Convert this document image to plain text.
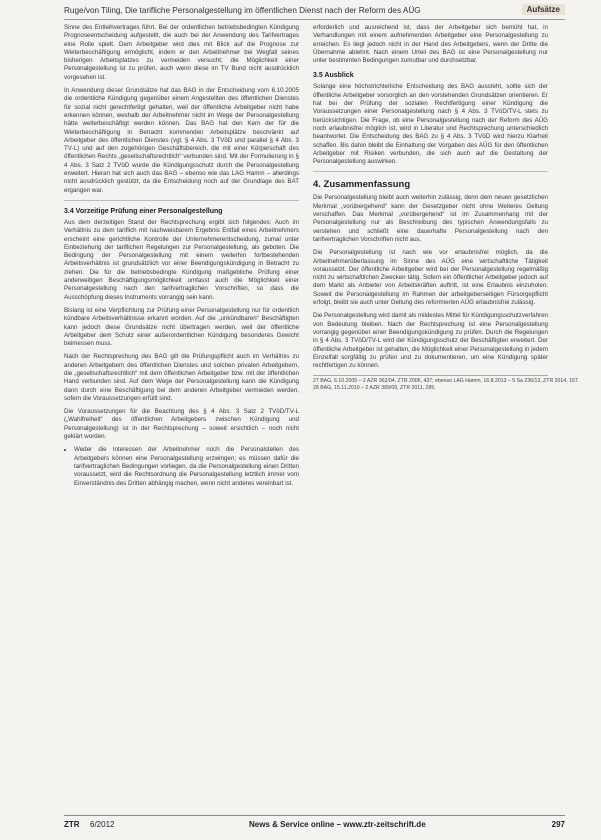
Ruge/von Tiling, Die tarifliche Personalgestellung im öffentlichen Dienst nach der Reform des AÜG	Aufsätze

Sinne des Entleihvertrages führt. Bei der ordentlichen betriebsbedingten Kündigung Prognoseentscheidung aufgestellt, die auch bei der Anwendung des Tarifvertrages eine Rolle spielt. Dem Arbeitgeber wird dies mit Blick auf die Prognose zur Weiterbeschäftigung ermöglicht, indem er den Arbeitnehmer bei Wegfall seines bisherigen Arbeitsplatzes zu vermeiden versucht; die Möglichkeit einer Personalgestellung ist zu prüfen, auch wenn diese im TV Bund nicht ausdrücklich vorgesehen ist.

In Anwendung dieser Grundsätze hat das BAG in der Entscheidung vom 6.10.2005 die ordentliche Kündigung gegenüber einem Angestellten des öffentlichen Dienstes für sozial nicht gerechtfertigt gehalten, weil der öffentliche Arbeitgeber nicht habe erkennen können, weshalb der Arbeitnehmer nicht im Wege der Personalgestellung hätte weiterbeschäftigt werden können. Das BAG hat den Kern der für die Weiterbeschäftigung in Betracht kommenden Arbeitsplätze beschränkt auf Arbeitgeber des öffentlichen Dienstes (vgl. § 4 Abs. 3 TVöD und parallel § 4 Abs. 3 TV-L) und auf den zugehörigen Geschäftsbereich, die mit einer Körperschaft des öffentlichen Rechts „gesellschaftsrechtlich“ verbunden sind. Mit der Formulierung in § 4 Abs. 3 Satz 2 TVöD wurde die Kündigungsschutz durch die Personalgestellung erweitert. Hieran hat sich auch das BAG – ebenso wie das LAG Hamm – allerdings nicht ausdrücklich gestützt, da die Entscheidung noch auf der Grundlage des BAT ergangen war.

3.4 Vorzeitige Prüfung einer Personalgestellung

Aus dem derzeitigen Stand der Rechtsprechung ergibt sich folgendes: Auch im Verhältnis zu dem tariflich mit nachweisbarem Ergebnis Entfall eines Arbeitnehmers erscheint eine gerichtliche Kontrolle der Unternehmerentscheidung, zumal unter Einbeziehung der tariflichen Regelungen zur Personalgestellung, als geboten. Die Bedingung der Personalgestellung mit einem weiterhin fortbestehenden Arbeitsverhältnis ist grundsätzlich vor einer Beendigungskündigung in Betracht zu ziehen. Die für die betriebsbedingte Kündigung maßgebliche Prüfung einer anderweitigen Beschäftigungsmöglichkeit umfasst auch die Möglichkeit einer Personalgestellung nach den tarifvertraglichen Vorschriften, so dass die Ausschöpfung dieses Instruments vorrangig sein kann.

Bislang ist eine Verpflichtung zur Prüfung einer Personalgestellung nur für ordentlich kündbare Arbeitsverhältnisse erkannt worden. Auf die „unkündbaren“ Beschäftigten kann jedoch diese Grundsätze nicht übertragen werden, weil der öffentliche Arbeitgeber dem Schutz einer außerordentlichen Kündigung besonderes Gewicht beimessen muss.

Nach der Rechtsprechung des BAG gilt die Prüfungspflicht auch im Verhältnis zu anderen Arbeitgebern des öffentlichen Dienstes und solchen privaten Arbeitgebern, die „gesellschaftsrechtlich“ mit dem öffentlichen Arbeitgeber bzw. mit der öffentlichen Hand verbunden sind. Auf dem Wege der Personalgestellung kann die Kündigung dann durch eine Beschäftigung bei dem anderen Arbeitgeber vermieden werden, sofern die Voraussetzungen erfüllt sind.

Die Voraussetzungen für die Beachtung des § 4 Abs. 3 Satz 2 TVöD/TV-L („Wahlfreiheit“ des öffentlichen Arbeitgebers zwischen Kündigung und Personalgestellung) ist in der Rechtsprechung – soweit ersichtlich – noch nicht geklärt worden.

• Weder die Interessen der Arbeitnehmer noch die Personalstellen des Arbeitgebers können eine Personalgestellung erzwingen; es müssen dafür die tarifvertraglichen Bedingungen vorliegen, da die Personalgestellung einen Dritten voraussetzt, wird die Rechtsordnung die Personalgestellung letztlich immer vom Einverständnis des Dritten abhängig machen, wenn nicht anderes vereinbart ist.

erforderlich und ausreichend ist, dass der Arbeitgeber sich bemüht hat, in Verhandlungen mit einem aufnehmenden Arbeitgeber eine Personalgestellung zu erreichen. Es liegt jedoch nicht in der Hand des Arbeitgebers, wenn der Dritte die Übernahme ablehnt. Nach einem Urteil des BAG ist eine Personalgestellung nur unter bestimmten Bedingungen zumutbar und durchsetzbar.

3.5 Ausblick

Solange eine höchstrichterliche Entscheidung des BAG aussteht, sollte sich der öffentliche Arbeitgeber vorsorglich an den vorstehenden Grundsätzen orientieren. Er hat bei der Prüfung der sozialen Rechtfertigung einer Kündigung die Voraussetzungen einer Personalgestellung nach § 4 Abs. 3 TVöD/TV-L stets zu berücksichtigen. Die Frage, ob eine Personalgestellung nach der Reform des AÜG noch erlaubnisfrei möglich ist, wird in Literatur und Rechtsprechung unterschiedlich beantwortet. Die Entscheidung des BAG zu § 4 Abs. 3 TVöD wird hierzu Klarheit schaffen. Bis dahin bleibt die Einhaltung der Vorgaben des AÜG für den öffentlichen Arbeitgeber mit Risiken verbunden, die sich auch auf die Gestaltung der Personalgestellung auswirken.

4. Zusammenfassung

Die Personalgestellung bleibt auch weiterhin zulässig, denn dem neuen gesetzlichen Merkmal „vorübergehend“ kann der Gesetzgeber nicht ohne Weiteres Geltung verschaffen. Das Merkmal „vorübergehend“ ist im Zusammenhang mit der Personalgestellung nur als Beschreibung des typischen Anwendungsfalls zu verstehen und schließt eine dauerhafte Personalgestellung nach den tarifvertraglichen Vorschriften nicht aus.

Die Personalgestellung ist nach wie vor erlaubnisfrei möglich, da die Arbeitnehmerüberlassung im Sinne des AÜG eine wirtschaftliche Tätigkeit voraussetzt. Der öffentliche Arbeitgeber wird bei der Personalgestellung regelmäßig nicht zu wirtschaftlichen Zwecken tätig. Sofern ein öffentlicher Arbeitgeber jedoch auf dem Markt als Anbieter von Arbeitskräften auftritt, ist eine Erlaubnis einzuholen. Soweit die Personalgestellung im Rahmen der arbeitgeberseitigen Fürsorgepflicht erfolgt, bleibt sie auch unter Geltung des reformierten AÜG erlaubnisfrei zulässig.

Die Personalgestellung wird damit als mildestes Mittel für Kündigungsschutzverfahren von Bedeutung bleiben. Nach der Rechtsprechung ist eine Personalgestellung vorrangig gegenüber einer Beendigungskündigung zu prüfen. Durch die Regelungen in § 4 Abs. 3 TVöD/TV-L wird der Kündigungsschutz der Beschäftigten erweitert. Der öffentliche Arbeitgeber ist gehalten, die Möglichkeit einer Personalgestellung in jedem Einzelfall sorgfältig zu prüfen und zu dokumentieren, um eine Kündigung später rechtfertigen zu können.

27 BAG, 6.10.2005 – 2 AZR 362/04, ZTR 2006, 437; ebenso LAG Hamm, 16.8.2013 – 5 Sa 236/13, ZTR 2014, 167.
28 BAG, 15.11.2010 – 2 AZR 389/09, ZTR 2011, 285.
ZTR 6/2012	News & Service online – www.ztr-zeitschrift.de	297
